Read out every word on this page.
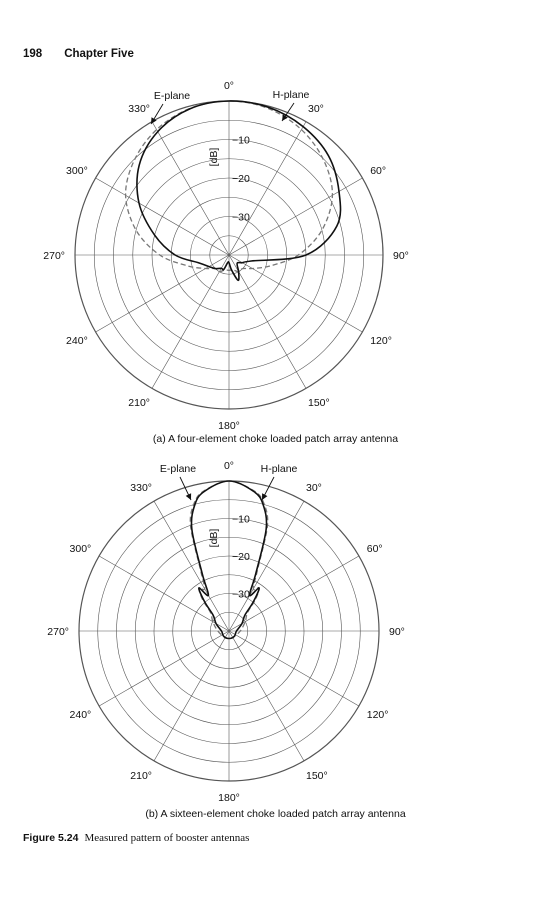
198 Chapter Five
0°
30°
60°
90°
120°
150°
180°
210°
240°
270°
300°
330°
[dB]
−10
−20
−30
E-plane	H-plane
(a) A four-element choke loaded patch array antenna
0°
30°
60°
90°
120°
150°
180°
210°
240°
270°
300°
330°
[dB]
−10
−20
−30
E-plane	H-plane
(b) A sixteen-element choke loaded patch array antenna
Figure 5.24 Measured pattern of booster antennas
